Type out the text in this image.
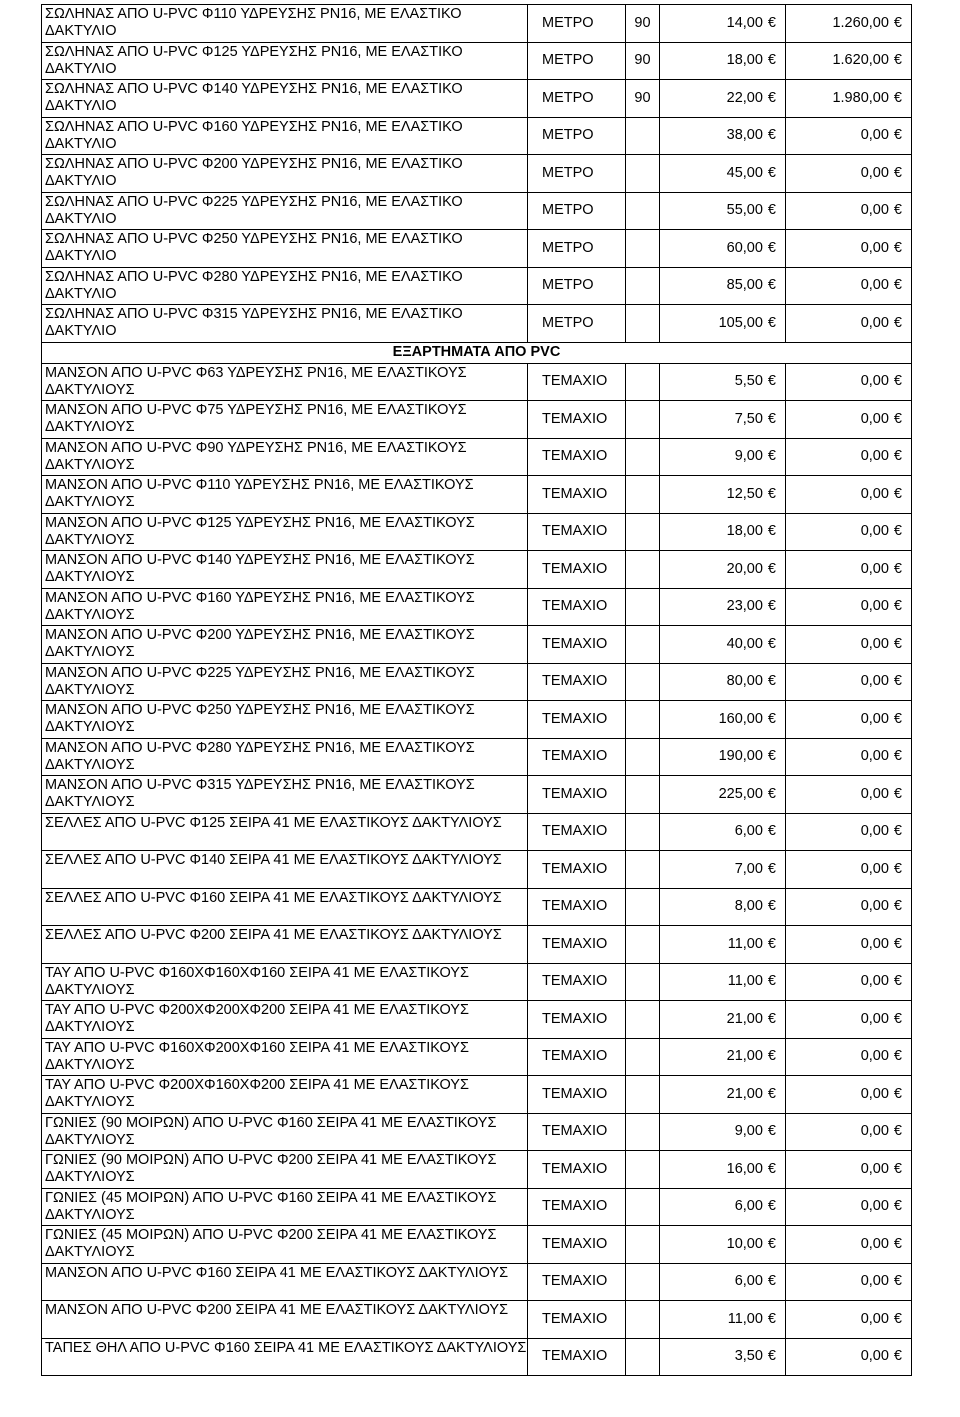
ΣΩΛΗΝΑΣ ΑΠΟ U-PVC Φ110 ΥΔΡΕΥΣΗΣ PN16, ΜΕ ΕΛΑΣΤΙΚΟ ΔΑΚΤΥΛΙΟ	ΜΕΤΡΟ	90	14,00 €	1.260,00 €
ΣΩΛΗΝΑΣ ΑΠΟ U-PVC Φ125 ΥΔΡΕΥΣΗΣ PN16, ΜΕ ΕΛΑΣΤΙΚΟ ΔΑΚΤΥΛΙΟ	ΜΕΤΡΟ	90	18,00 €	1.620,00 €
ΣΩΛΗΝΑΣ ΑΠΟ U-PVC Φ140 ΥΔΡΕΥΣΗΣ PN16, ΜΕ ΕΛΑΣΤΙΚΟ ΔΑΚΤΥΛΙΟ	ΜΕΤΡΟ	90	22,00 €	1.980,00 €
ΣΩΛΗΝΑΣ ΑΠΟ U-PVC Φ160 ΥΔΡΕΥΣΗΣ PN16, ΜΕ ΕΛΑΣΤΙΚΟ ΔΑΚΤΥΛΙΟ	ΜΕΤΡΟ		38,00 €	0,00 €
ΣΩΛΗΝΑΣ ΑΠΟ U-PVC Φ200 ΥΔΡΕΥΣΗΣ PN16, ΜΕ ΕΛΑΣΤΙΚΟ ΔΑΚΤΥΛΙΟ	ΜΕΤΡΟ		45,00 €	0,00 €
ΣΩΛΗΝΑΣ ΑΠΟ U-PVC Φ225 ΥΔΡΕΥΣΗΣ PN16, ΜΕ ΕΛΑΣΤΙΚΟ ΔΑΚΤΥΛΙΟ	ΜΕΤΡΟ		55,00 €	0,00 €
ΣΩΛΗΝΑΣ ΑΠΟ U-PVC Φ250 ΥΔΡΕΥΣΗΣ PN16, ΜΕ ΕΛΑΣΤΙΚΟ ΔΑΚΤΥΛΙΟ	ΜΕΤΡΟ		60,00 €	0,00 €
ΣΩΛΗΝΑΣ ΑΠΟ U-PVC Φ280 ΥΔΡΕΥΣΗΣ PN16, ΜΕ ΕΛΑΣΤΙΚΟ ΔΑΚΤΥΛΙΟ	ΜΕΤΡΟ		85,00 €	0,00 €
ΣΩΛΗΝΑΣ ΑΠΟ U-PVC Φ315 ΥΔΡΕΥΣΗΣ PN16, ΜΕ ΕΛΑΣΤΙΚΟ ΔΑΚΤΥΛΙΟ	ΜΕΤΡΟ		105,00 €	0,00 €
ΕΞΑΡΤΗΜΑΤΑ ΑΠΟ PVC				
ΜΑΝΣΟΝ ΑΠΟ U-PVC Φ63 ΥΔΡΕΥΣΗΣ PN16, ΜΕ ΕΛΑΣΤΙΚΟΥΣ ΔΑΚΤΥΛΙΟΥΣ	ΤΕΜΑΧΙΟ		5,50 €	0,00 €
ΜΑΝΣΟΝ ΑΠΟ U-PVC Φ75 ΥΔΡΕΥΣΗΣ PN16, ΜΕ ΕΛΑΣΤΙΚΟΥΣ ΔΑΚΤΥΛΙΟΥΣ	ΤΕΜΑΧΙΟ		7,50 €	0,00 €
ΜΑΝΣΟΝ ΑΠΟ U-PVC Φ90 ΥΔΡΕΥΣΗΣ PN16, ΜΕ ΕΛΑΣΤΙΚΟΥΣ ΔΑΚΤΥΛΙΟΥΣ	ΤΕΜΑΧΙΟ		9,00 €	0,00 €
ΜΑΝΣΟΝ ΑΠΟ U-PVC Φ110 ΥΔΡΕΥΣΗΣ PN16, ΜΕ ΕΛΑΣΤΙΚΟΥΣ ΔΑΚΤΥΛΙΟΥΣ	ΤΕΜΑΧΙΟ		12,50 €	0,00 €
ΜΑΝΣΟΝ ΑΠΟ U-PVC Φ125 ΥΔΡΕΥΣΗΣ PN16, ΜΕ ΕΛΑΣΤΙΚΟΥΣ ΔΑΚΤΥΛΙΟΥΣ	ΤΕΜΑΧΙΟ		18,00 €	0,00 €
ΜΑΝΣΟΝ ΑΠΟ U-PVC Φ140 ΥΔΡΕΥΣΗΣ PN16, ΜΕ ΕΛΑΣΤΙΚΟΥΣ ΔΑΚΤΥΛΙΟΥΣ	ΤΕΜΑΧΙΟ		20,00 €	0,00 €
ΜΑΝΣΟΝ ΑΠΟ U-PVC Φ160 ΥΔΡΕΥΣΗΣ PN16, ΜΕ ΕΛΑΣΤΙΚΟΥΣ ΔΑΚΤΥΛΙΟΥΣ	ΤΕΜΑΧΙΟ		23,00 €	0,00 €
ΜΑΝΣΟΝ ΑΠΟ U-PVC Φ200 ΥΔΡΕΥΣΗΣ PN16, ΜΕ ΕΛΑΣΤΙΚΟΥΣ ΔΑΚΤΥΛΙΟΥΣ	ΤΕΜΑΧΙΟ		40,00 €	0,00 €
ΜΑΝΣΟΝ ΑΠΟ U-PVC Φ225 ΥΔΡΕΥΣΗΣ PN16, ΜΕ ΕΛΑΣΤΙΚΟΥΣ ΔΑΚΤΥΛΙΟΥΣ	ΤΕΜΑΧΙΟ		80,00 €	0,00 €
ΜΑΝΣΟΝ ΑΠΟ U-PVC Φ250 ΥΔΡΕΥΣΗΣ PN16, ΜΕ ΕΛΑΣΤΙΚΟΥΣ ΔΑΚΤΥΛΙΟΥΣ	ΤΕΜΑΧΙΟ		160,00 €	0,00 €
ΜΑΝΣΟΝ ΑΠΟ U-PVC Φ280 ΥΔΡΕΥΣΗΣ PN16, ΜΕ ΕΛΑΣΤΙΚΟΥΣ ΔΑΚΤΥΛΙΟΥΣ	ΤΕΜΑΧΙΟ		190,00 €	0,00 €
ΜΑΝΣΟΝ ΑΠΟ U-PVC Φ315 ΥΔΡΕΥΣΗΣ PN16, ΜΕ ΕΛΑΣΤΙΚΟΥΣ ΔΑΚΤΥΛΙΟΥΣ	ΤΕΜΑΧΙΟ		225,00 €	0,00 €
ΣΕΛΛΕΣ ΑΠΟ U-PVC Φ125 ΣΕΙΡΑ 41 ΜΕ ΕΛΑΣΤΙΚΟΥΣ ΔΑΚΤΥΛΙΟΥΣ	ΤΕΜΑΧΙΟ		6,00 €	0,00 €
ΣΕΛΛΕΣ ΑΠΟ U-PVC Φ140 ΣΕΙΡΑ 41 ΜΕ ΕΛΑΣΤΙΚΟΥΣ ΔΑΚΤΥΛΙΟΥΣ	ΤΕΜΑΧΙΟ		7,00 €	0,00 €
ΣΕΛΛΕΣ ΑΠΟ U-PVC Φ160 ΣΕΙΡΑ 41 ΜΕ ΕΛΑΣΤΙΚΟΥΣ ΔΑΚΤΥΛΙΟΥΣ	ΤΕΜΑΧΙΟ		8,00 €	0,00 €
ΣΕΛΛΕΣ ΑΠΟ U-PVC Φ200 ΣΕΙΡΑ 41 ΜΕ ΕΛΑΣΤΙΚΟΥΣ ΔΑΚΤΥΛΙΟΥΣ	ΤΕΜΑΧΙΟ		11,00 €	0,00 €
ΤΑΥ ΑΠΟ U-PVC Φ160ΧΦ160ΧΦ160 ΣΕΙΡΑ 41 ΜΕ ΕΛΑΣΤΙΚΟΥΣ ΔΑΚΤΥΛΙΟΥΣ	ΤΕΜΑΧΙΟ		11,00 €	0,00 €
ΤΑΥ ΑΠΟ U-PVC Φ200ΧΦ200ΧΦ200 ΣΕΙΡΑ 41 ΜΕ ΕΛΑΣΤΙΚΟΥΣ ΔΑΚΤΥΛΙΟΥΣ	ΤΕΜΑΧΙΟ		21,00 €	0,00 €
ΤΑΥ ΑΠΟ U-PVC Φ160ΧΦ200ΧΦ160 ΣΕΙΡΑ 41 ΜΕ ΕΛΑΣΤΙΚΟΥΣ ΔΑΚΤΥΛΙΟΥΣ	ΤΕΜΑΧΙΟ		21,00 €	0,00 €
ΤΑΥ ΑΠΟ U-PVC Φ200ΧΦ160ΧΦ200 ΣΕΙΡΑ 41 ΜΕ ΕΛΑΣΤΙΚΟΥΣ ΔΑΚΤΥΛΙΟΥΣ	ΤΕΜΑΧΙΟ		21,00 €	0,00 €
ΓΩΝΙΕΣ (90 ΜΟΙΡΩΝ) ΑΠΟ U-PVC Φ160 ΣΕΙΡΑ 41 ΜΕ ΕΛΑΣΤΙΚΟΥΣ ΔΑΚΤΥΛΙΟΥΣ	ΤΕΜΑΧΙΟ		9,00 €	0,00 €
ΓΩΝΙΕΣ (90 ΜΟΙΡΩΝ) ΑΠΟ U-PVC Φ200 ΣΕΙΡΑ 41 ΜΕ ΕΛΑΣΤΙΚΟΥΣ ΔΑΚΤΥΛΙΟΥΣ	ΤΕΜΑΧΙΟ		16,00 €	0,00 €
ΓΩΝΙΕΣ (45 ΜΟΙΡΩΝ) ΑΠΟ U-PVC Φ160 ΣΕΙΡΑ 41 ΜΕ ΕΛΑΣΤΙΚΟΥΣ ΔΑΚΤΥΛΙΟΥΣ	ΤΕΜΑΧΙΟ		6,00 €	0,00 €
ΓΩΝΙΕΣ (45 ΜΟΙΡΩΝ) ΑΠΟ U-PVC Φ200 ΣΕΙΡΑ 41 ΜΕ ΕΛΑΣΤΙΚΟΥΣ ΔΑΚΤΥΛΙΟΥΣ	ΤΕΜΑΧΙΟ		10,00 €	0,00 €
ΜΑΝΣΟΝ ΑΠΟ U-PVC Φ160 ΣΕΙΡΑ 41 ΜΕ ΕΛΑΣΤΙΚΟΥΣ ΔΑΚΤΥΛΙΟΥΣ	ΤΕΜΑΧΙΟ		6,00 €	0,00 €
ΜΑΝΣΟΝ ΑΠΟ U-PVC Φ200 ΣΕΙΡΑ 41 ΜΕ ΕΛΑΣΤΙΚΟΥΣ ΔΑΚΤΥΛΙΟΥΣ	ΤΕΜΑΧΙΟ		11,00 €	0,00 €
ΤΑΠΕΣ ΘΗΛ ΑΠΟ U-PVC Φ160 ΣΕΙΡΑ 41 ΜΕ ΕΛΑΣΤΙΚΟΥΣ ΔΑΚΤΥΛΙΟΥΣ	ΤΕΜΑΧΙΟ		3,50 €	0,00 €
